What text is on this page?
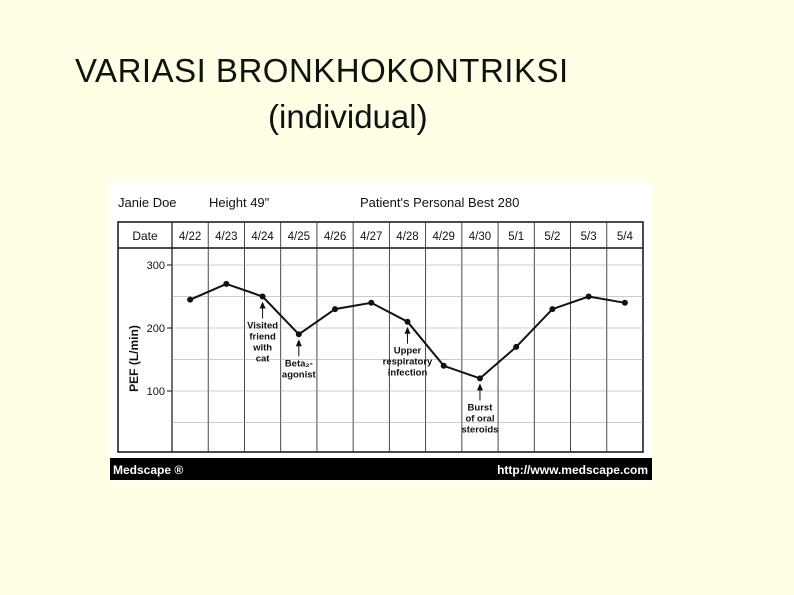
VARIASI BRONKHOKONTRIKSI
(individual)
Janie Doe Height 49"	Patient's Personal Best 280
Date 4/22 4/23 4/24 4/25 4/26 4/27 4/28 4/29 4/30 5/1 5/2 5/3 5/4
100
200
300
PEF (L/min)	Visited
friend
with
cat Beta₂-
agonist
Upper
respiratory
infection
Burst
of oral
steroids
Medscape ®	http://www.medscape.com
